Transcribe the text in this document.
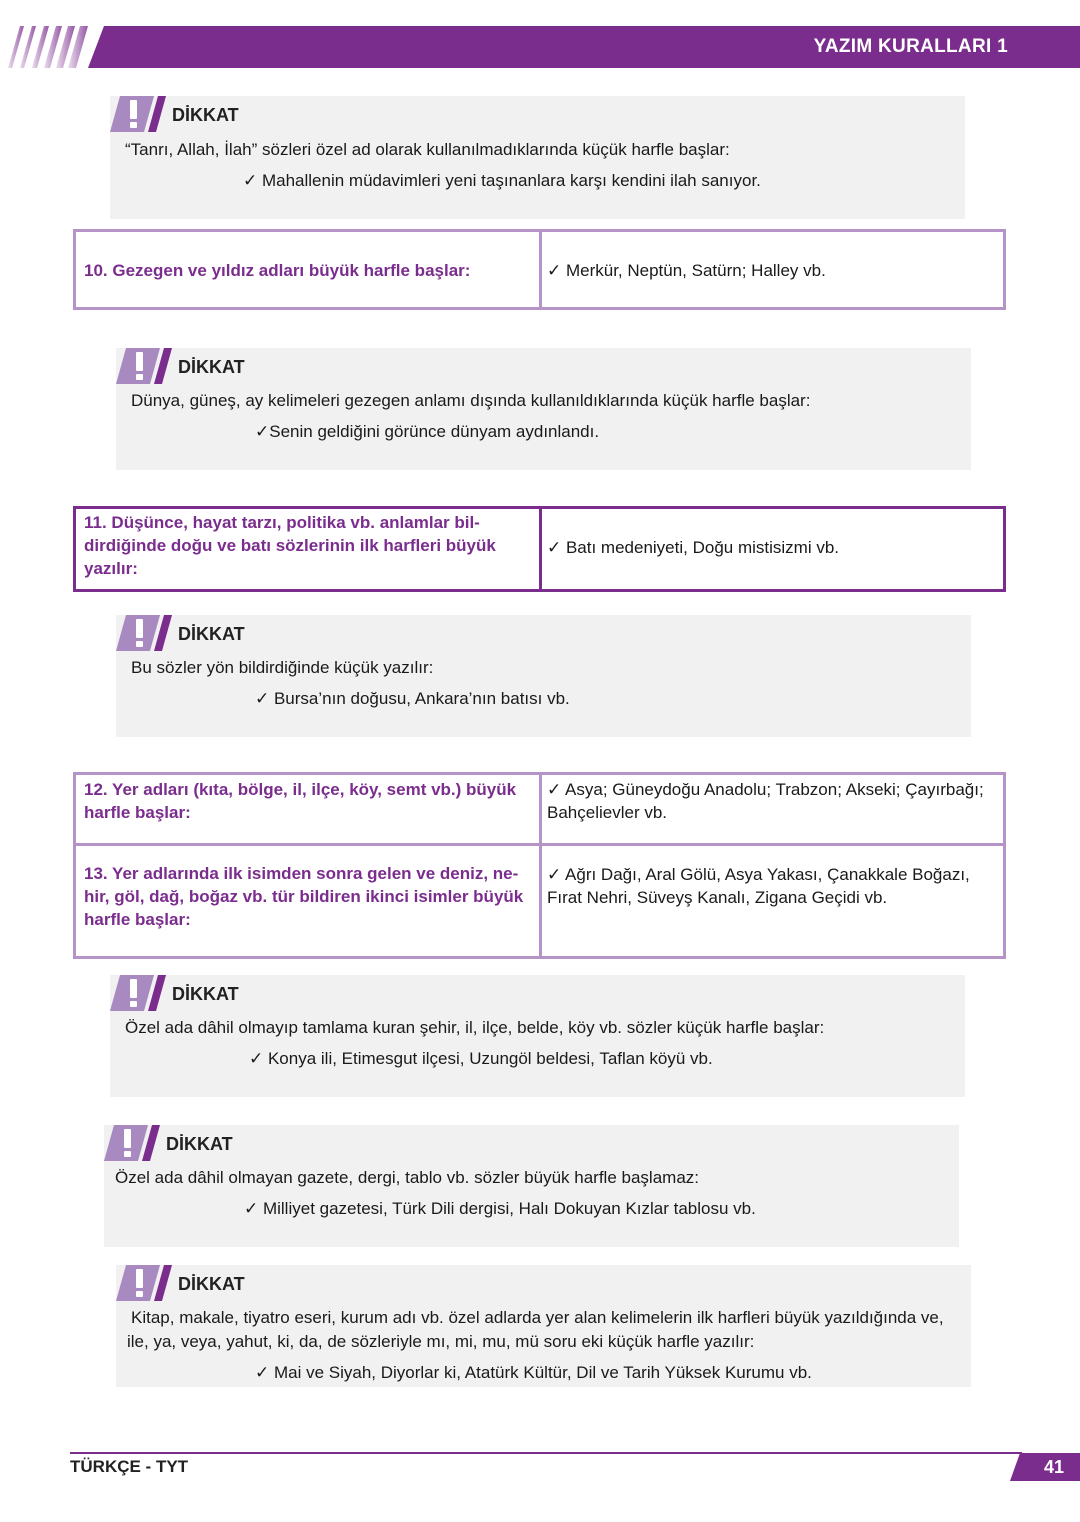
YAZIM KURALLARI 1
DİKKAT
“Tanrı, Allah, İlah” sözleri özel ad olarak kullanılmadıklarında küçük harfle başlar:
✓ Mahallenin müdavimleri yeni taşınanlara karşı kendini ilah sanıyor.
10. Gezegen ve yıldız adları büyük harfle başlar:	✓ Merkür, Neptün, Satürn; Halley vb.
DİKKAT
Dünya, güneş, ay kelimeleri gezegen anlamı dışında kullanıldıklarında küçük harfle başlar:
✓Senin geldiğini görünce dünyam aydınlandı.
11. Düşünce, hayat tarzı, politika vb. anlamlar bil-
dirdiğinde doğu ve batı sözlerinin ilk harfleri büyük
yazılır:
✓ Batı medeniyeti, Doğu mistisizmi vb.
DİKKAT
Bu sözler yön bildirdiğinde küçük yazılır:
✓ Bursa’nın doğusu, Ankara’nın batısı vb.
12. Yer adları (kıta, bölge, il, ilçe, köy, semt vb.) büyük
harfle başlar:
✓ Asya; Güneydoğu Anadolu; Trabzon; Akseki; Çayırbağı;
Bahçelievler vb.
13. Yer adlarında ilk isimden sonra gelen ve deniz, ne-
hir, göl, dağ, boğaz vb. tür bildiren ikinci isimler büyük
harfle başlar:
✓ Ağrı Dağı, Aral Gölü, Asya Yakası, Çanakkale Boğazı,
Fırat Nehri, Süveyş Kanalı, Zigana Geçidi vb.
DİKKAT
Özel ada dâhil olmayıp tamlama kuran şehir, il, ilçe, belde, köy vb. sözler küçük harfle başlar:
✓ Konya ili, Etimesgut ilçesi, Uzungöl beldesi, Taflan köyü vb.
DİKKAT
Özel ada dâhil olmayan gazete, dergi, tablo vb. sözler büyük harfle başlamaz:
✓ Milliyet gazetesi, Türk Dili dergisi, Halı Dokuyan Kızlar tablosu vb.
DİKKAT
Kitap, makale, tiyatro eseri, kurum adı vb. özel adlarda yer alan kelimelerin ilk harfleri büyük yazıldığında ve,
ile, ya, veya, yahut, ki, da, de sözleriyle mı, mi, mu, mü soru eki küçük harfle yazılır:
✓ Mai ve Siyah, Diyorlar ki, Atatürk Kültür, Dil ve Tarih Yüksek Kurumu vb.
TÜRKÇE - TYT	41
